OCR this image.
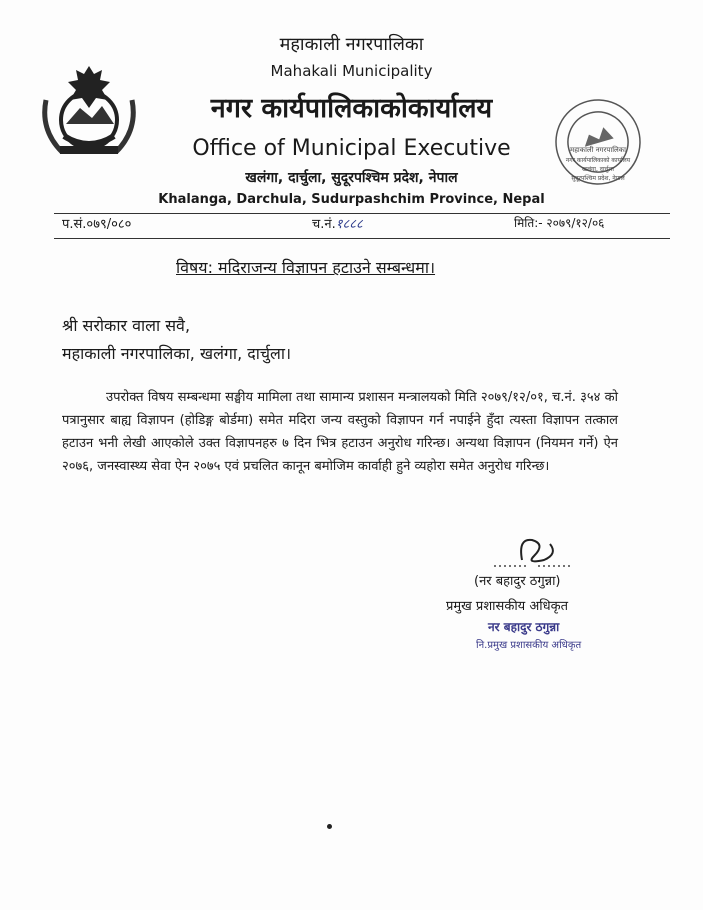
महाकाली नगरपालिका
Mahakali Municipality
नगर कार्यपालिकाकोकार्यालय
Office of Municipal Executive
खलंगा, दार्चुला, सुदूरपश्चिम प्रदेश, नेपाल
Khalanga, Darchula, Sudurpashchim Province, Nepal
महाकाली नगरपालिका
नगर कार्यपालिकाको कार्यालय
खलंगा, दार्चुला
सुदूरपश्चिम प्रदेश, नेपाल
प.सं.०७९/०८०	च.नं.१८८८	मिति:- २०७९/१२/०६
विषय: मदिराजन्य विज्ञापन हटाउने सम्बन्धमा।
श्री सरोकार वाला सवै,
महाकाली नगरपालिका, खलंगा, दार्चुला।
उपरोक्त विषय सम्बन्धमा सङ्घीय मामिला तथा सामान्य प्रशासन मन्त्रालयको मिति २०७९/१२/०१, च.नं. ३५४ को पत्रानुसार बाह्य विज्ञापन (होडिङ्ग बोर्डमा) समेत मदिरा जन्य वस्तुको विज्ञापन गर्न नपाईने हुँदा त्यस्ता विज्ञापन तत्काल हटाउन भनी लेखी आएकोले उक्त विज्ञापनहरु ७ दिन भित्र हटाउन अनुरोध गरिन्छ। अन्यथा विज्ञापन (नियमन गर्ने) ऐन २०७६, जनस्वास्थ्य सेवा ऐन २०७५ एवं प्रचलित कानून बमोजिम कार्वाही हुने व्यहोरा समेत अनुरोध गरिन्छ।
(नर बहादुर ठगुन्ना)
प्रमुख प्रशासकीय अधिकृत
नर बहादुर ठगुन्ना
नि.प्रमुख प्रशासकीय अधिकृत
